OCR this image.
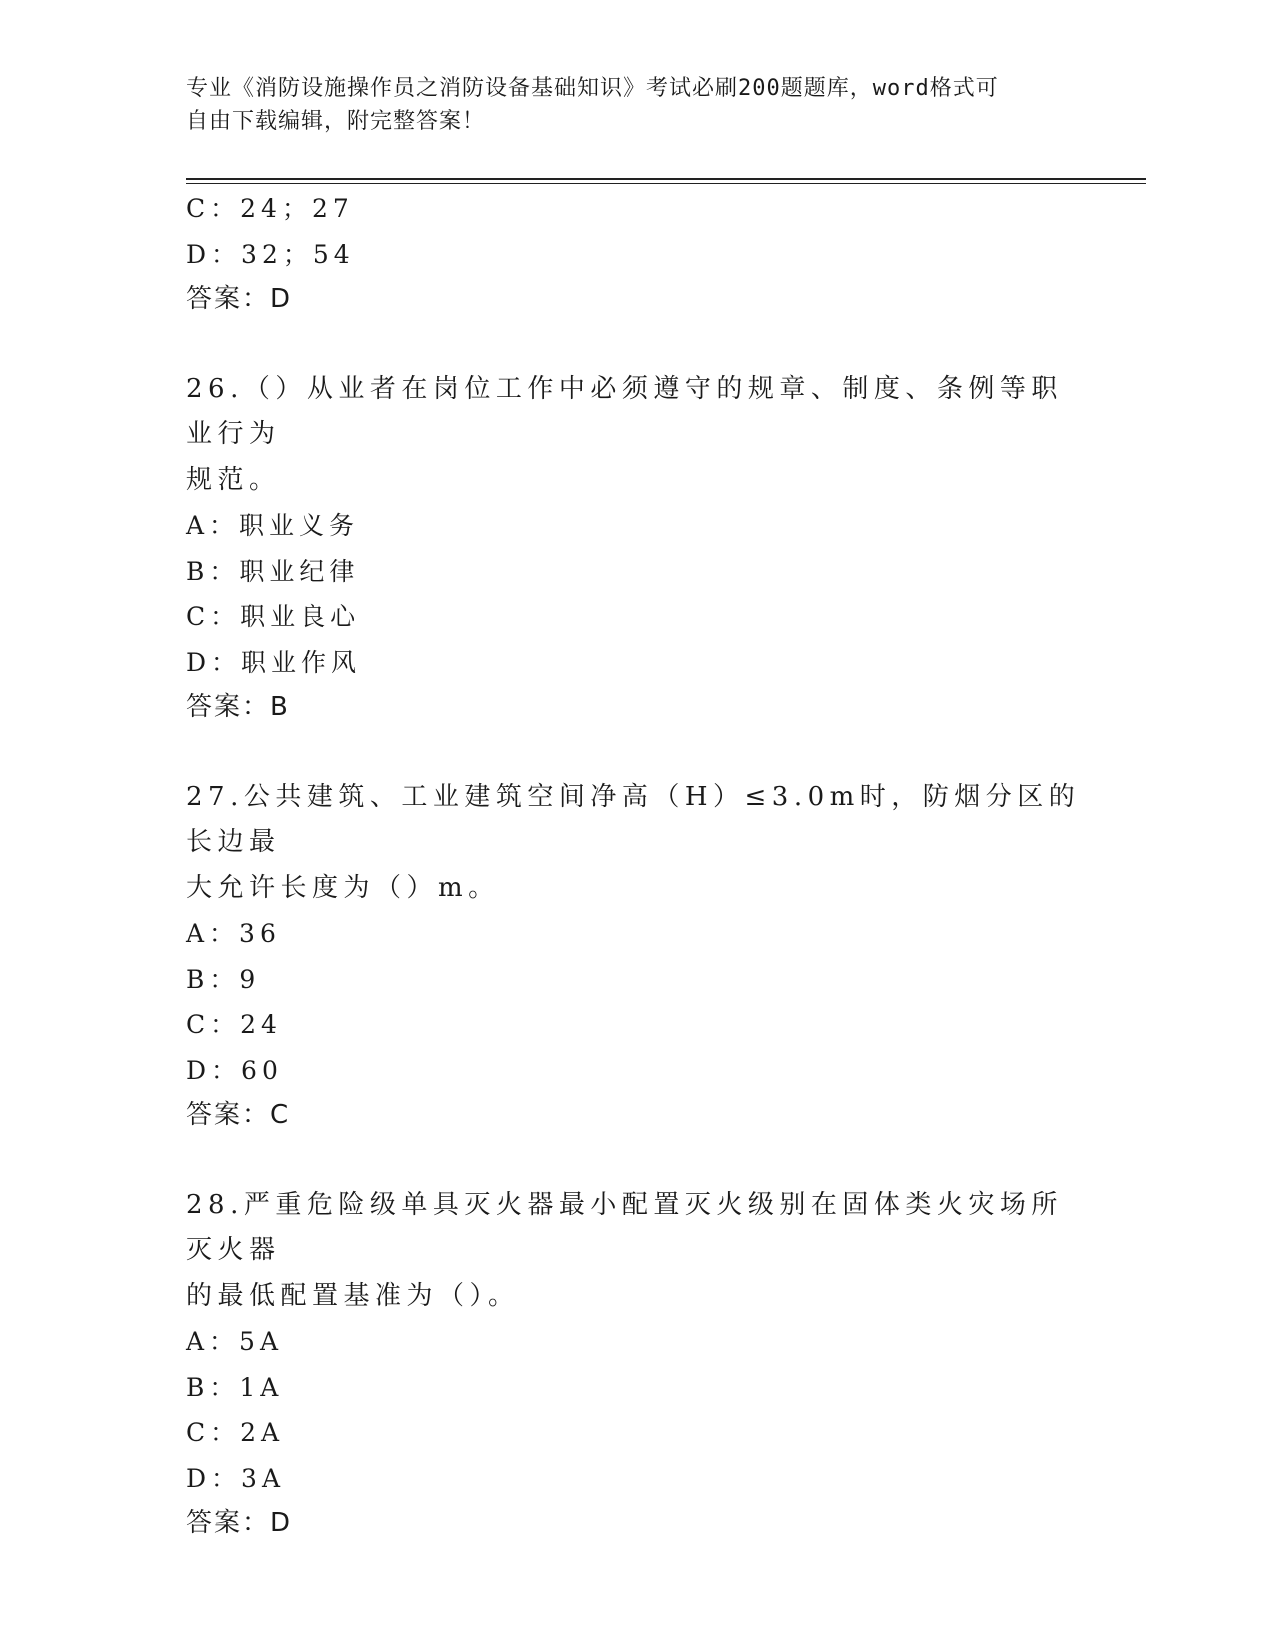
专业《消防设施操作员之消防设备基础知识》考试必刷200题题库，word格式可
自由下载编辑，附完整答案！
C：24；27
D：32；54
答案：D
26.（）从业者在岗位工作中必须遵守的规章、制度、条例等职业行为
规范。
A：职业义务
B：职业纪律
C：职业良心
D：职业作风
答案：B
27.公共建筑、工业建筑空间净高（H）≤3.0m时，防烟分区的长边最
大允许长度为（）m。
A：36
B：9
C：24
D：60
答案：C
28.严重危险级单具灭火器最小配置灭火级别在固体类火灾场所灭火器
的最低配置基准为（）。
A：5A
B：1A
C：2A
D：3A
答案：D
